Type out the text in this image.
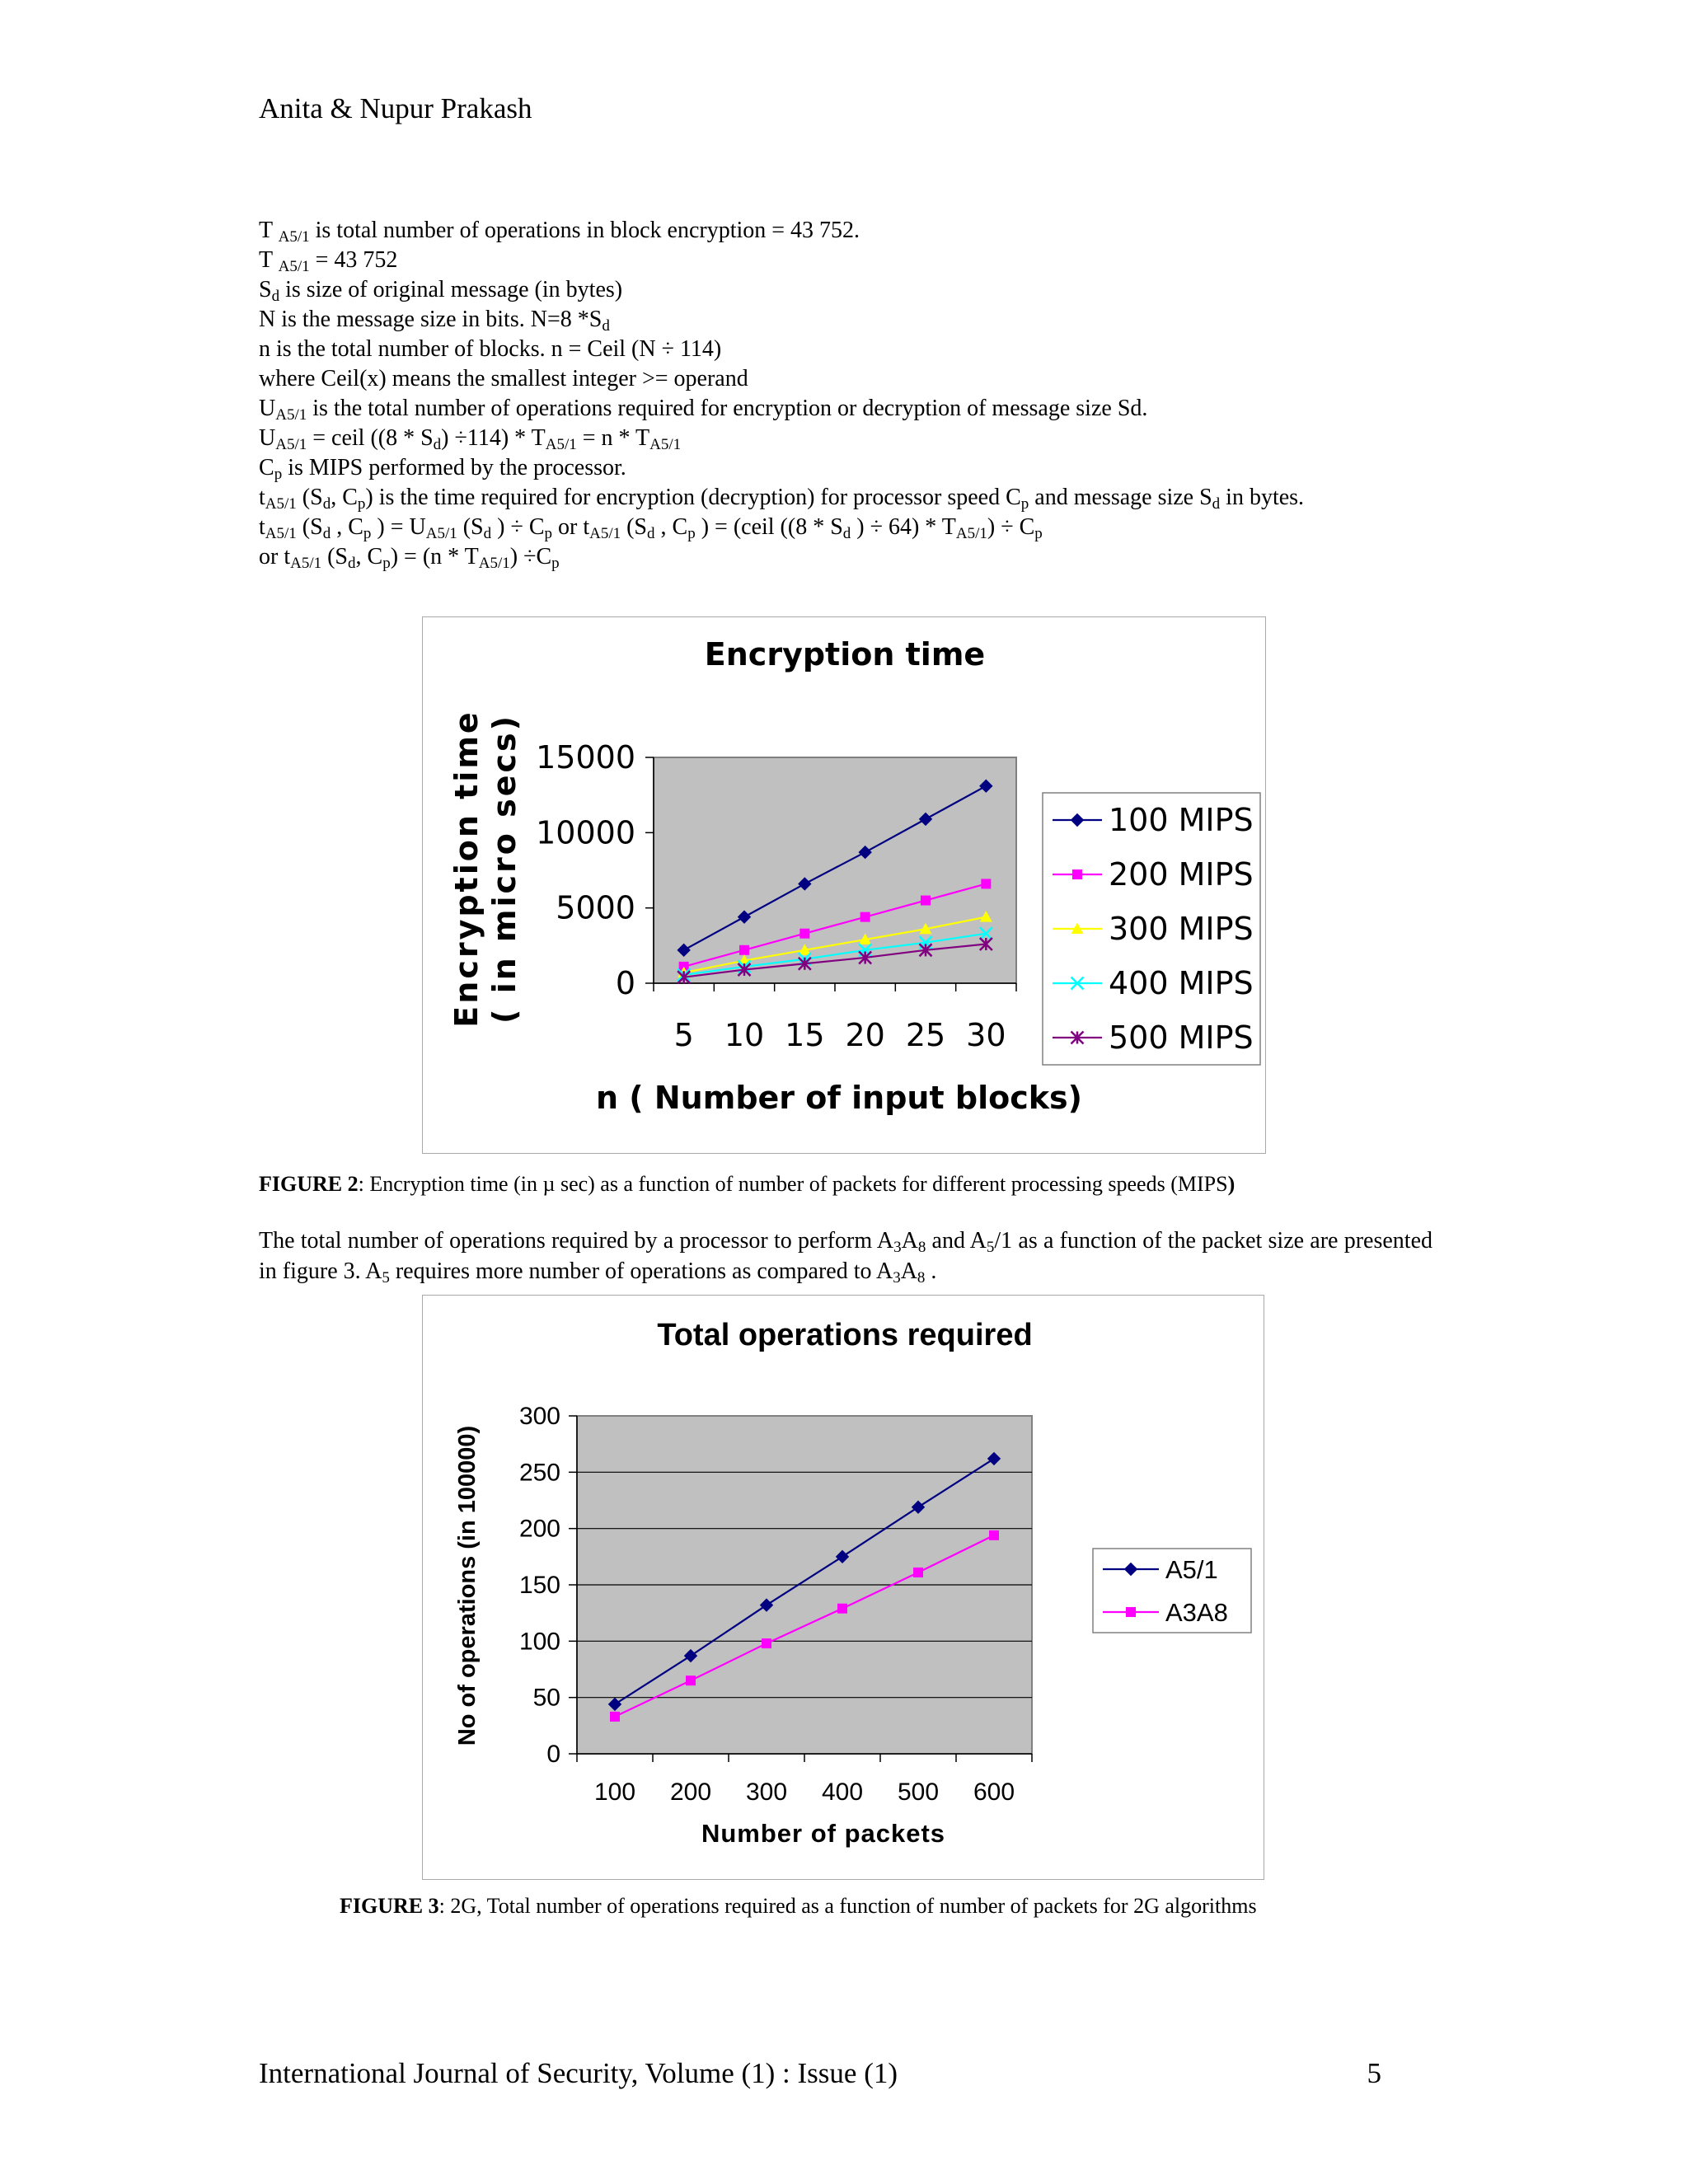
Anita & Nupur Prakash
T $_{A5/1}$ is total number of operations in block encryption = 43 752.
T $_{A5/1}$ = 43 752
$S_d$ is size of original message (in bytes)
N is the message size in bits. N=8 $*S_d$
n is the total number of blocks. n = Ceil (N ÷ 114)
where Ceil(x) means the smallest integer >= operand
$U_{A5/1}$ is the total number of operations required for encryption or decryption of message size Sd.
$U_{A5/1}$ = ceil $((8 * S_d) \div 114) * T_{A5/1} = n * T_{A5/1}$
$C_p$ is MIPS performed by the processor.
$t_{A5/1}$ ($S_d$, $C_p$) is the time required for encryption (decryption) for processor speed $C_p$ and message size $S_d$ in bytes.
$t_{A5/1}$ ($S_d$ , $C_p$ ) = $U_{A5/1}$ ($S_d$ ) ÷ $C_p$ or $t_{A5/1}$ ($S_d$ , $C_p$ ) = (ceil (($8 * S_d$ ) ÷ $64) * T_{A5/1}) \div C_p$
or $t_{A5/1}$ ($S_d$, $C_p) = (n * T_{A5/1}) \div C_p$
Encryption time
0
5000
10000
15000
5 10 15 20 25 30
n ( Number of input blocks)
Encryption time ( in micro secs)	100 MIPS
200 MIPS
300 MIPS
400 MIPS
500 MIPS
FIGURE 2: Encryption time (in µ sec) as a function of number of packets for different processing speeds (MIPS)
The total number of operations required by a processor to perform $A_3A_8$ and $A_5/1$ as a function of the packet size are presented in figure 3. $A_5$ requires more number of operations as compared to $A_3A_8$ .
Total operations required
0
50
100
150
200
250
300
100 200 300 400 500 600
Number of packets
No of operations (in 100000)	A5/1
A3A8
FIGURE 3: 2G, Total number of operations required as a function of number of packets for 2G algorithms
International Journal of Security, Volume (1) : Issue (1)	5
